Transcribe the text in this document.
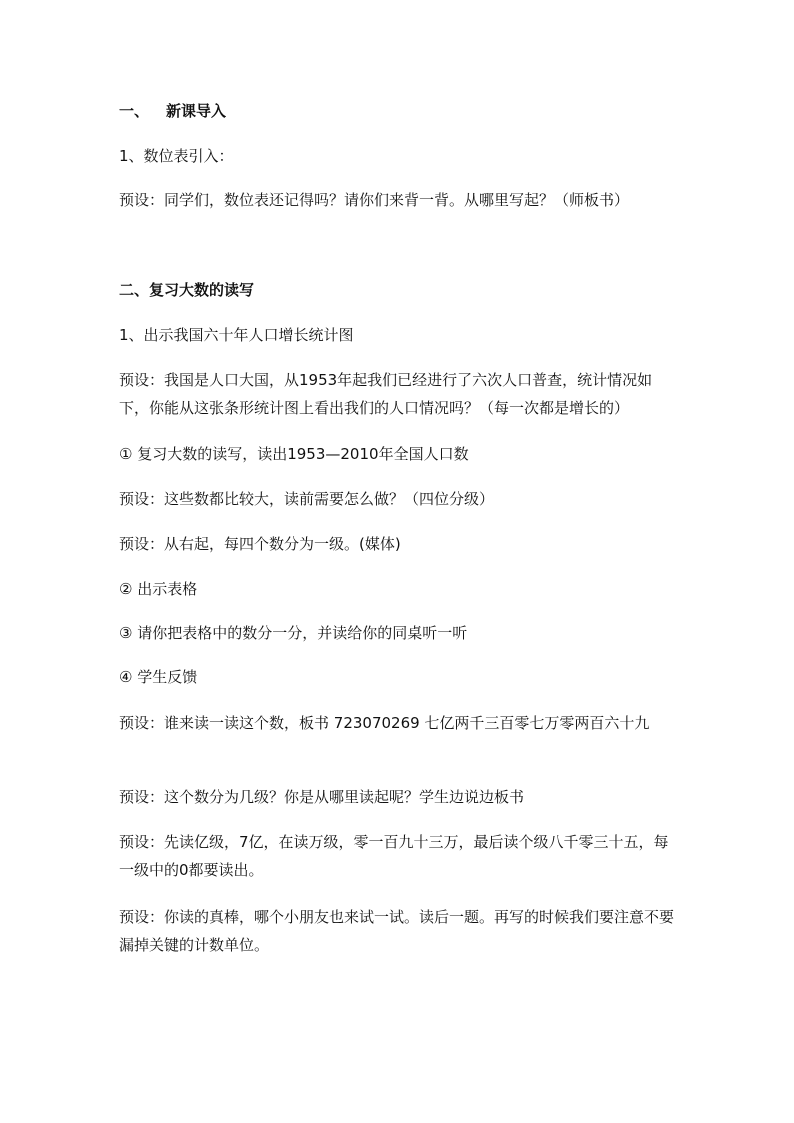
一、 新课导入
1、数位表引入：
预设：同学们，数位表还记得吗？请你们来背一背。从哪里写起？（师板书）
二、复习大数的读写
1、出示我国六十年人口增长统计图
预设：我国是人口大国，从1953年起我们已经进行了六次人口普查，统计情况如下，你能从这张条形统计图上看出我们的人口情况吗？（每一次都是增长的）
① 复习大数的读写，读出1953—2010年全国人口数
预设：这些数都比较大，读前需要怎么做？（四位分级）
预设：从右起，每四个数分为一级。(媒体)
② 出示表格
③ 请你把表格中的数分一分，并读给你的同桌听一听
④ 学生反馈
预设：谁来读一读这个数，板书 723070269 七亿两千三百零七万零两百六十九
预设：这个数分为几级？你是从哪里读起呢？学生边说边板书
预设：先读亿级，7亿，在读万级，零一百九十三万，最后读个级八千零三十五，每一级中的0都要读出。
预设：你读的真棒，哪个小朋友也来试一试。读后一题。再写的时候我们要注意不要漏掉关键的计数单位。
